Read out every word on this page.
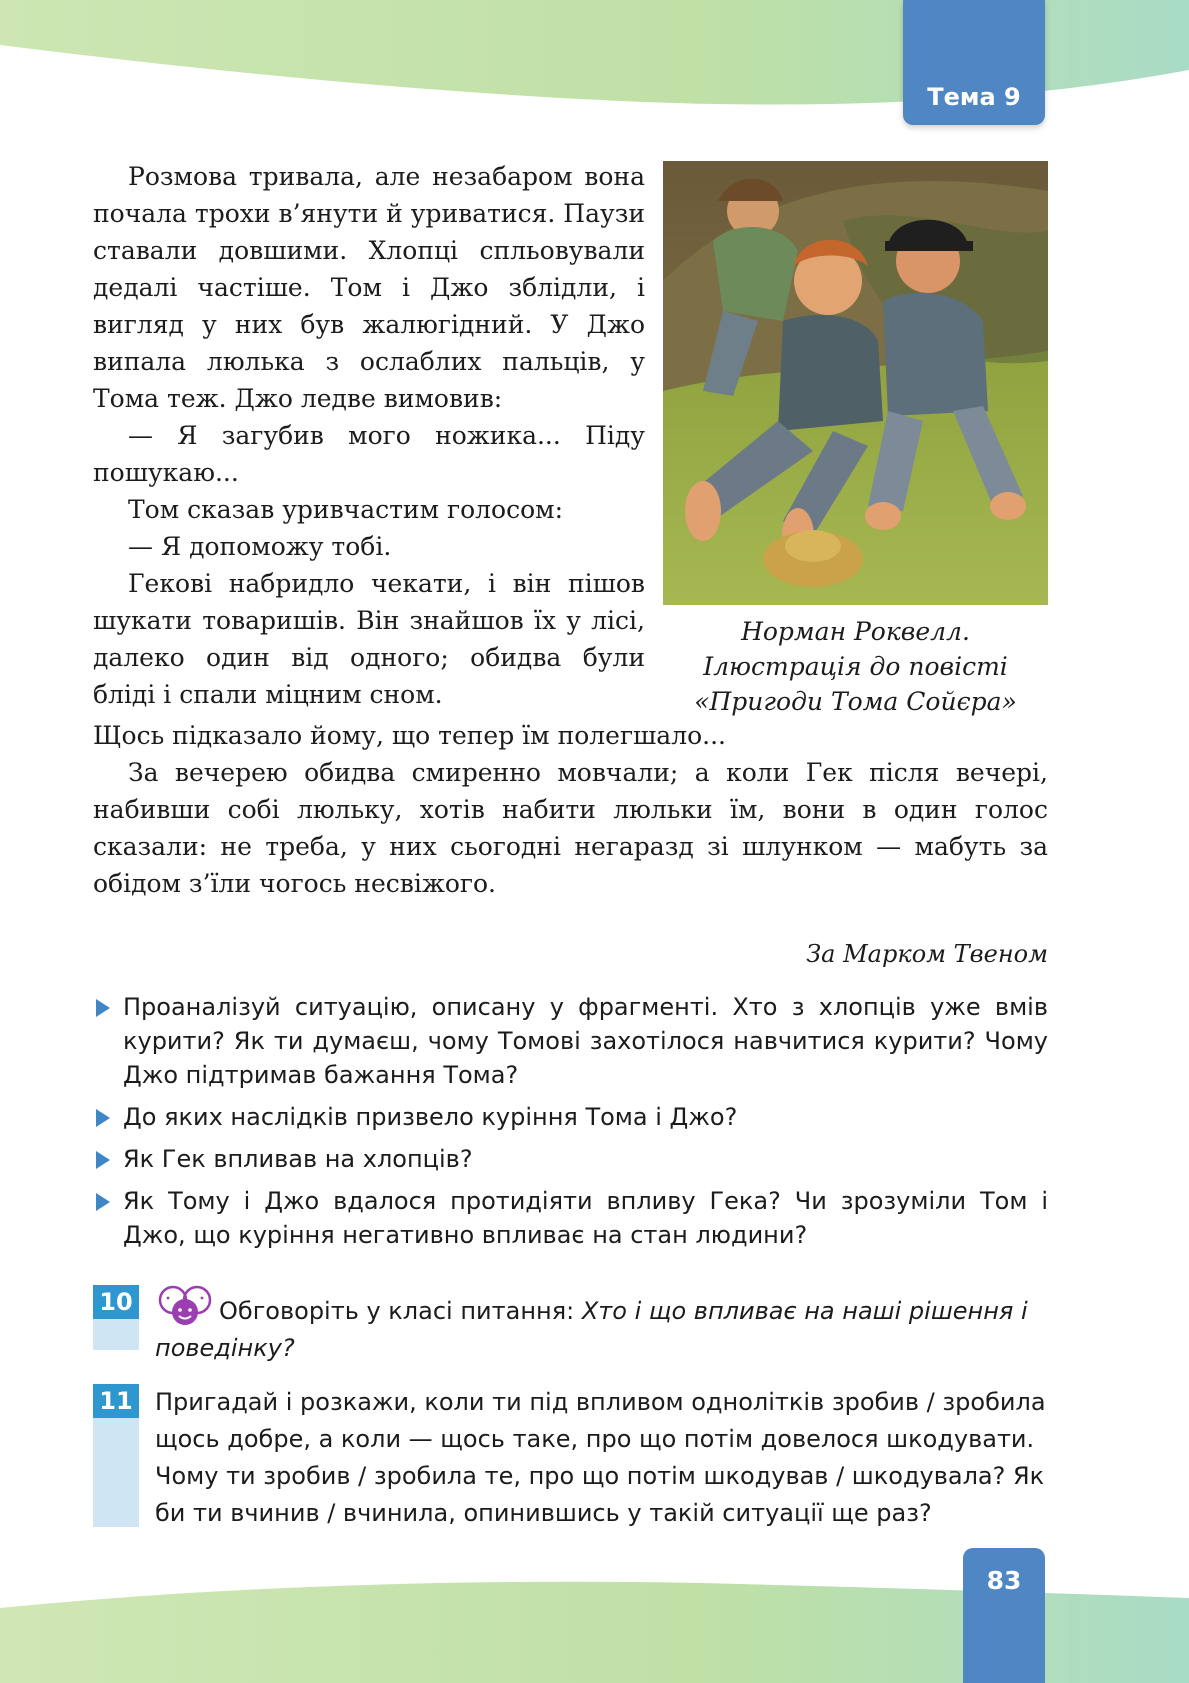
Тема 9

Розмова тривала, але незабаром вона почала трохи в’янути й уриватися. Паузи ставали довшими. Хлопці спльовували дедалі частіше. Том і Джо зблідли, і вигляд у них був жалюгідний. У Джо випала люлька з ослаблих пальців, у Тома теж. Джо ледве вимовив:

— Я загубив мого ножика... Піду пошукаю...

Том сказав уривчастим голосом:

— Я допоможу тобі.

Гекові набридло чекати, і він пішов шукати товаришів. Він знайшов їх у лісі, далеко один від одного; обидва були бліді і спали міцним сном.

Норман Роквелл.
Ілюстрація до повісті
«Пригоди Тома Сойєра»

Щось підказало йому, що тепер їм полегшало...

За вечерею обидва смиренно мовчали; а коли Гек після вечері, набивши собі люльку, хотів набити люльки їм, вони в один голос сказали: не треба, у них сьогодні негаразд зі шлунком — мабуть за обідом з’їли чогось несвіжого.

За Марком Твеном
Проаналізуй ситуацію, описану у фрагменті. Хто з хлопців уже вмів курити? Як ти думаєш, чому Томові захотілося навчитися курити? Чому Джо підтримав бажання Тома?
До яких наслідків призвело куріння Тома і Джо?
Як Гек впливав на хлопців?
Як Тому і Джо вдалося протидіяти впливу Гека? Чи зрозуміли Том і Джо, що куріння негативно впливає на стан людини?
10	Обговоріть у класі питання: Хто і що впливає на наші рішення і поведінку?
11 Пригадай і розкажи, коли ти під впливом однолітків зробив / зробила щось добре, а коли — щось таке, про що потім довелося шкодувати. Чому ти зробив / зробила те, про що потім шкодував / шкодувала? Як би ти вчинив / вчинила, опинившись у такій ситуації ще раз?
83
